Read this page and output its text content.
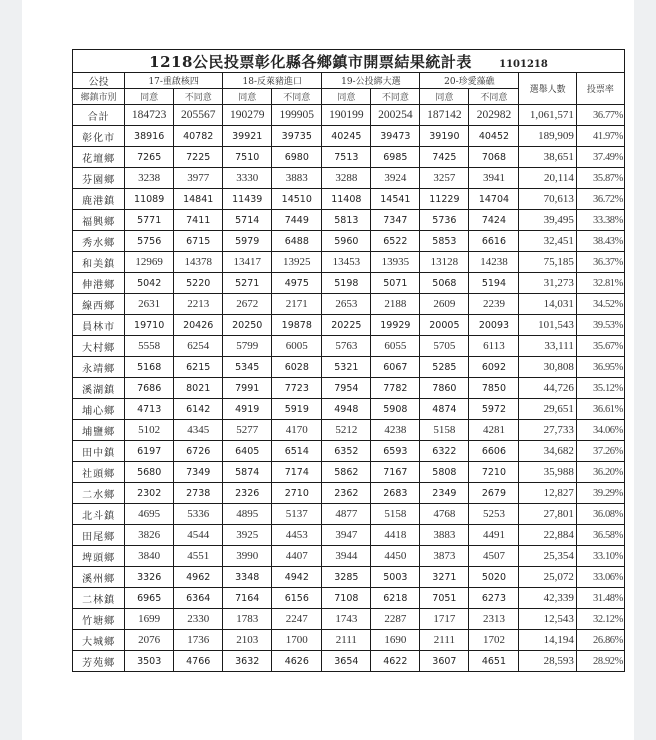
1218公民投票彰化縣各鄉鎮市開票結果統計表 1101218										
公投	17-重啟核四		18-反萊豬進口		19-公投綁大選		20-珍愛藻礁		選舉人數	投票率
鄉鎮市別	同意	不同意	同意	不同意	同意	不同意	同意	不同意		
合計	184723	205567	190279	199905	190199	200254	187142	202982	1,061,571	36.77%
彰化市	38916	40782	39921	39735	40245	39473	39190	40452	189,909	41.97%
花壇鄉	7265	7225	7510	6980	7513	6985	7425	7068	38,651	37.49%
芬園鄉	3238	3977	3330	3883	3288	3924	3257	3941	20,114	35.87%
鹿港鎮	11089	14841	11439	14510	11408	14541	11229	14704	70,613	36.72%
福興鄉	5771	7411	5714	7449	5813	7347	5736	7424	39,495	33.38%
秀水鄉	5756	6715	5979	6488	5960	6522	5853	6616	32,451	38.43%
和美鎮	12969	14378	13417	13925	13453	13935	13128	14238	75,185	36.37%
伸港鄉	5042	5220	5271	4975	5198	5071	5068	5194	31,273	32.81%
線西鄉	2631	2213	2672	2171	2653	2188	2609	2239	14,031	34.52%
員林市	19710	20426	20250	19878	20225	19929	20005	20093	101,543	39.53%
大村鄉	5558	6254	5799	6005	5763	6055	5705	6113	33,111	35.67%
永靖鄉	5168	6215	5345	6028	5321	6067	5285	6092	30,808	36.95%
溪湖鎮	7686	8021	7991	7723	7954	7782	7860	7850	44,726	35.12%
埔心鄉	4713	6142	4919	5919	4948	5908	4874	5972	29,651	36.61%
埔鹽鄉	5102	4345	5277	4170	5212	4238	5158	4281	27,733	34.06%
田中鎮	6197	6726	6405	6514	6352	6593	6322	6606	34,682	37.26%
社頭鄉	5680	7349	5874	7174	5862	7167	5808	7210	35,988	36.20%
二水鄉	2302	2738	2326	2710	2362	2683	2349	2679	12,827	39.29%
北斗鎮	4695	5336	4895	5137	4877	5158	4768	5253	27,801	36.08%
田尾鄉	3826	4544	3925	4453	3947	4418	3883	4491	22,884	36.58%
埤頭鄉	3840	4551	3990	4407	3944	4450	3873	4507	25,354	33.10%
溪州鄉	3326	4962	3348	4942	3285	5003	3271	5020	25,072	33.06%
二林鎮	6965	6364	7164	6156	7108	6218	7051	6273	42,339	31.48%
竹塘鄉	1699	2330	1783	2247	1743	2287	1717	2313	12,543	32.12%
大城鄉	2076	1736	2103	1700	2111	1690	2111	1702	14,194	26.86%
芳苑鄉	3503	4766	3632	4626	3654	4622	3607	4651	28,593	28.92%
